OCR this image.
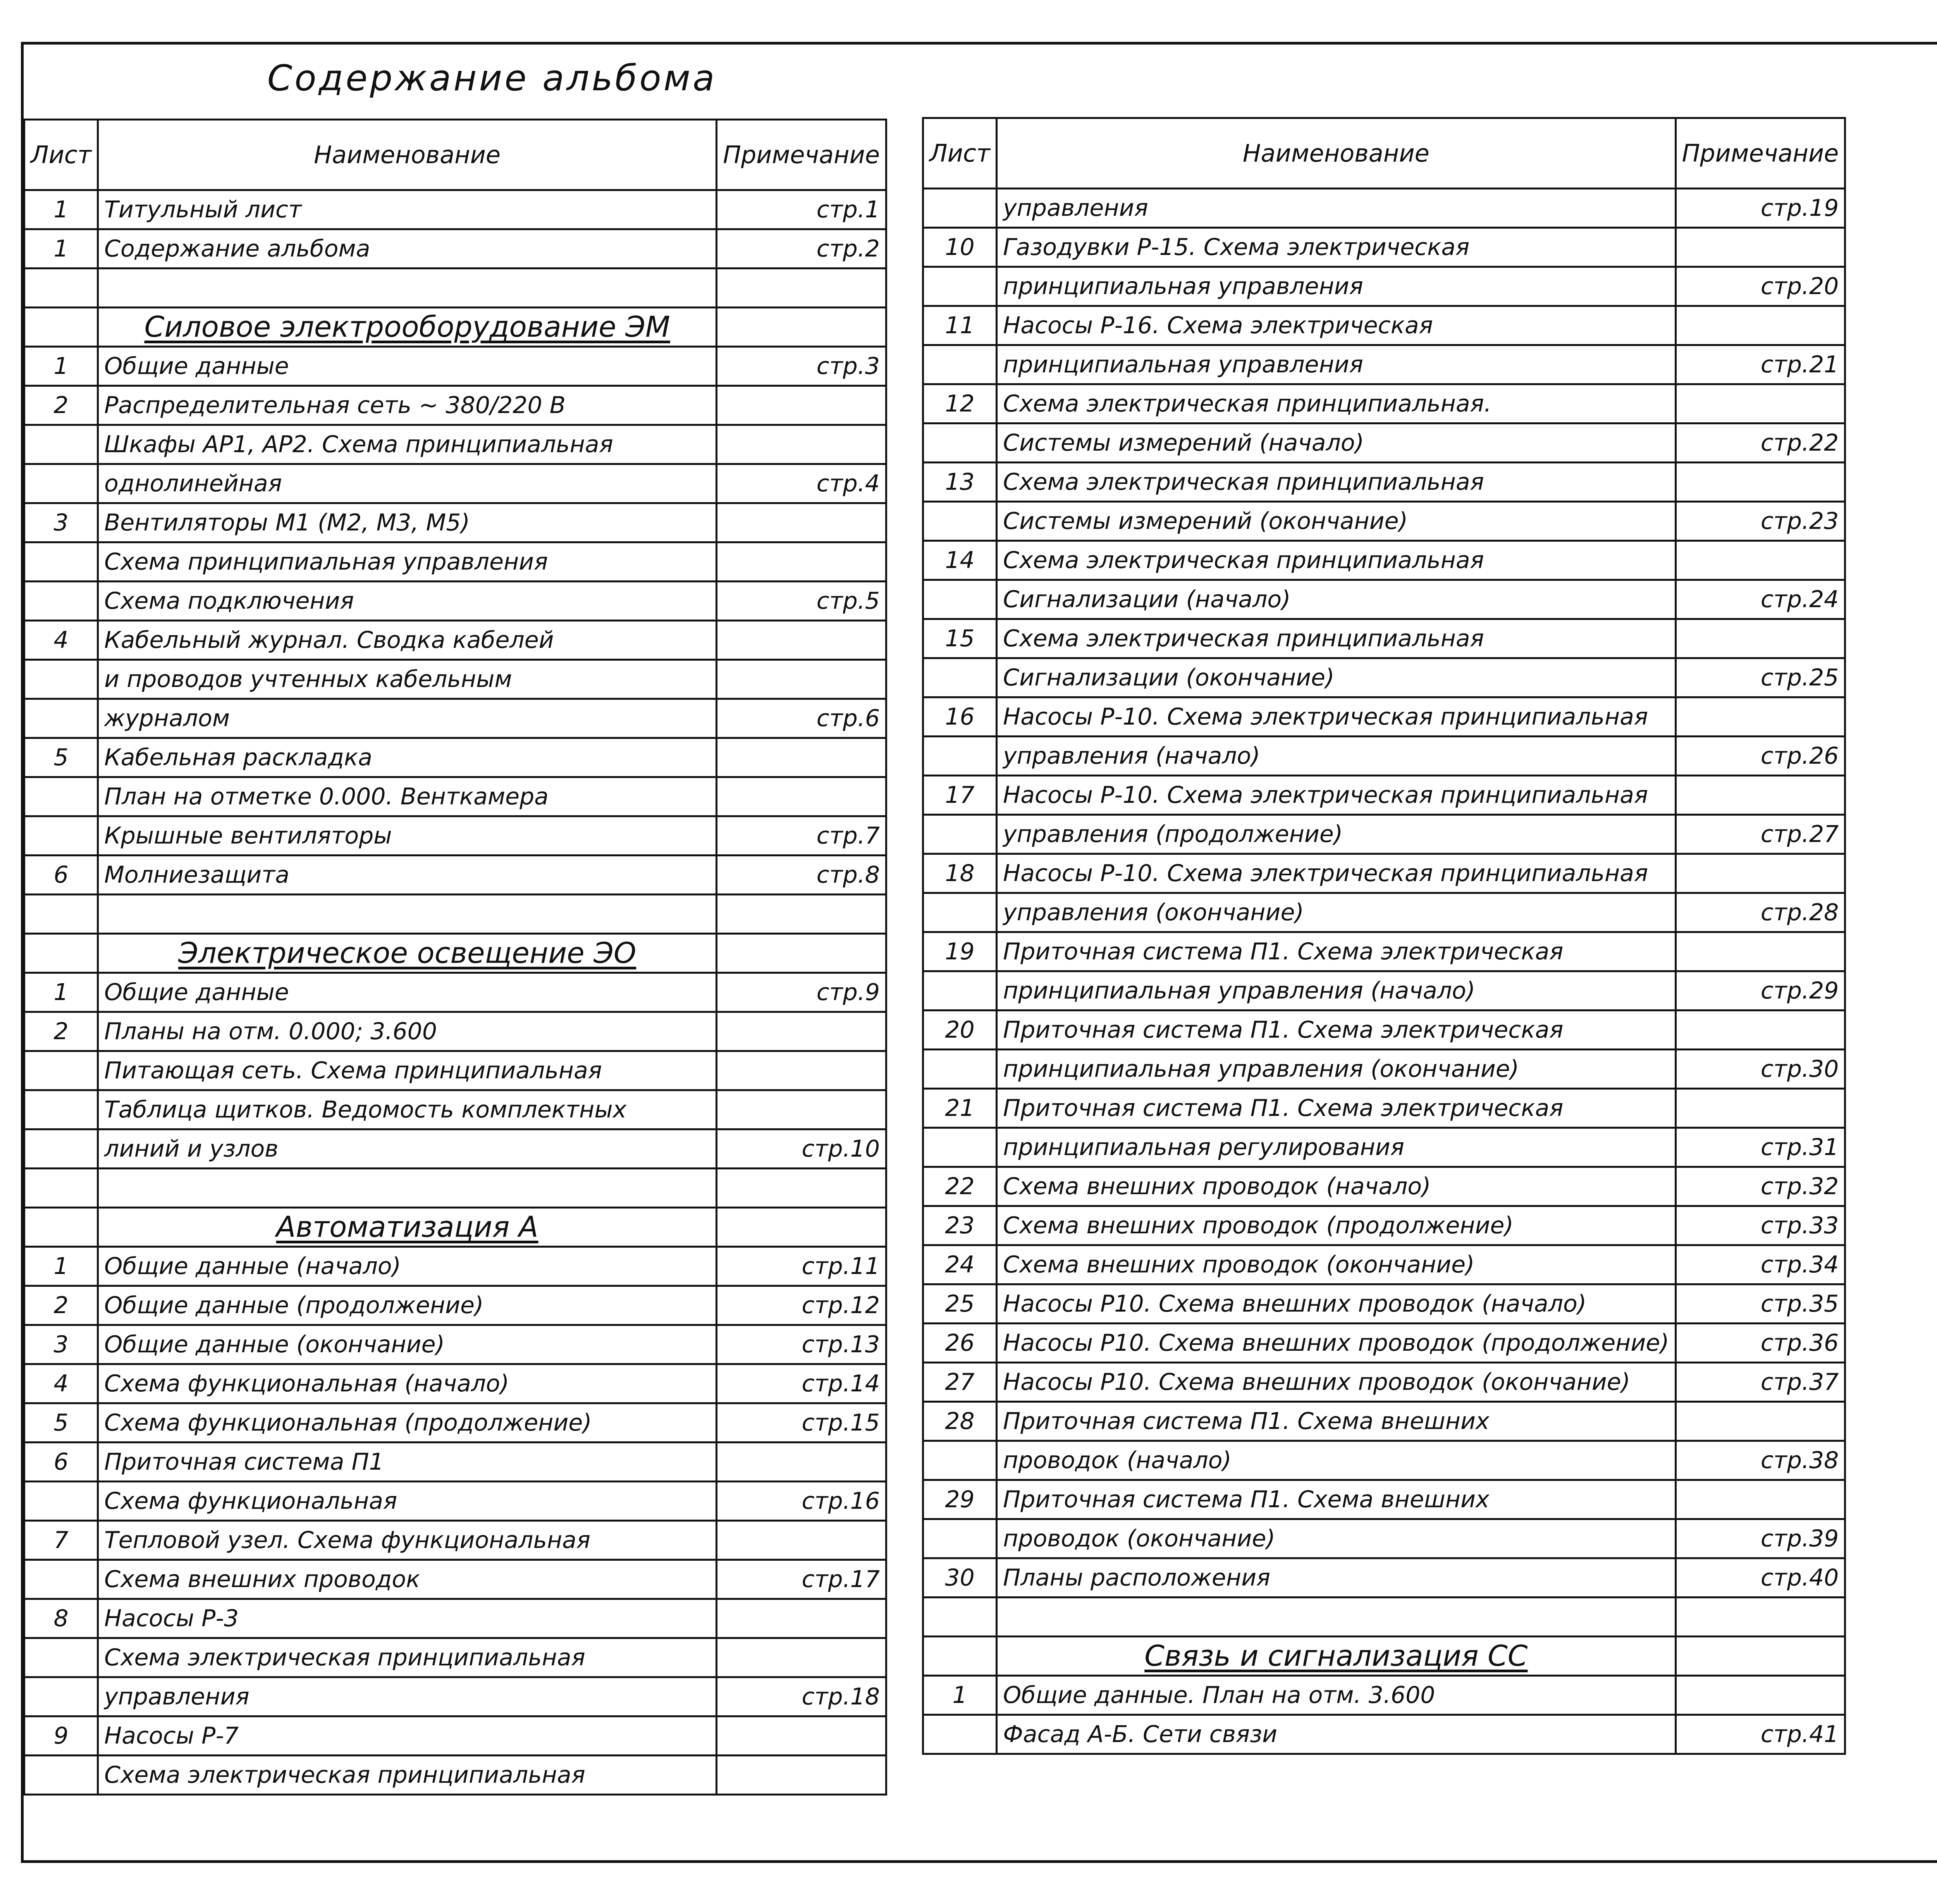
Содержание альбома
Лист	Наименование	Примечание
1	Титульный лист	стр.1
1	Содержание альбома	стр.2

	Силовое электрооборудование ЭМ	
1	Общие данные	стр.3
2	Распределительная сеть ~ 380/220 В	
	Шкафы АР1, АР2. Схема принципиальная	
	однолинейная	стр.4
3	Вентиляторы М1 (М2, М3, М5)	
	Схема принципиальная управления	
	Схема подключения	стр.5
4	Кабельный журнал. Сводка кабелей	
	и проводов учтенных кабельным	
	журналом	стр.6
5	Кабельная раскладка	
	План на отметке 0.000. Венткамера	
	Крышные вентиляторы	стр.7
6	Молниезащита	стр.8

	Электрическое освещение ЭО	
1	Общие данные	стр.9
2	Планы на отм. 0.000; 3.600	
	Питающая сеть. Схема принципиальная	
	Таблица щитков. Ведомость комплектных	
	линий и узлов	стр.10

	Автоматизация А	
1	Общие данные (начало)	стр.11
2	Общие данные (продолжение)	стр.12
3	Общие данные (окончание)	стр.13
4	Схема функциональная (начало)	стр.14
5	Схема функциональная (продолжение)	стр.15
6	Приточная система П1	
	Схема функциональная	стр.16
7	Тепловой узел. Схема функциональная	
	Схема внешних проводок	стр.17
8	Насосы Р-3	
	Схема электрическая принципиальная	
	управления	стр.18
9	Насосы Р-7	
	Схема электрическая принципиальная	
Лист	Наименование	Примечание
	управления	стр.19
10	Газодувки Р-15. Схема электрическая	
	принципиальная управления	стр.20
11	Насосы Р-16. Схема электрическая	
	принципиальная управления	стр.21
12	Схема электрическая принципиальная.	
	Системы измерений (начало)	стр.22
13	Схема электрическая принципиальная	
	Системы измерений (окончание)	стр.23
14	Схема электрическая принципиальная	
	Сигнализации (начало)	стр.24
15	Схема электрическая принципиальная	
	Сигнализации (окончание)	стр.25
16	Насосы Р-10. Схема электрическая принципиальная	
	управления (начало)	стр.26
17	Насосы Р-10. Схема электрическая принципиальная	
	управления (продолжение)	стр.27
18	Насосы Р-10. Схема электрическая принципиальная	
	управления (окончание)	стр.28
19	Приточная система П1. Схема электрическая	
	принципиальная управления (начало)	стр.29
20	Приточная система П1. Схема электрическая	
	принципиальная управления (окончание)	стр.30
21	Приточная система П1. Схема электрическая	
	принципиальная регулирования	стр.31
22	Схема внешних проводок (начало)	стр.32
23	Схема внешних проводок (продолжение)	стр.33
24	Схема внешних проводок (окончание)	стр.34
25	Насосы Р10. Схема внешних проводок (начало)	стр.35
26	Насосы Р10. Схема внешних проводок (продолжение)	стр.36
27	Насосы Р10. Схема внешних проводок (окончание)	стр.37
28	Приточная система П1. Схема внешних	
	проводок (начало)	стр.38
29	Приточная система П1. Схема внешних	
	проводок (окончание)	стр.39
30	Планы расположения	стр.40

	Связь и сигнализация СС	
1	Общие данные. План на отм. 3.600	
	Фасад А-Б. Сети связи	стр.41
